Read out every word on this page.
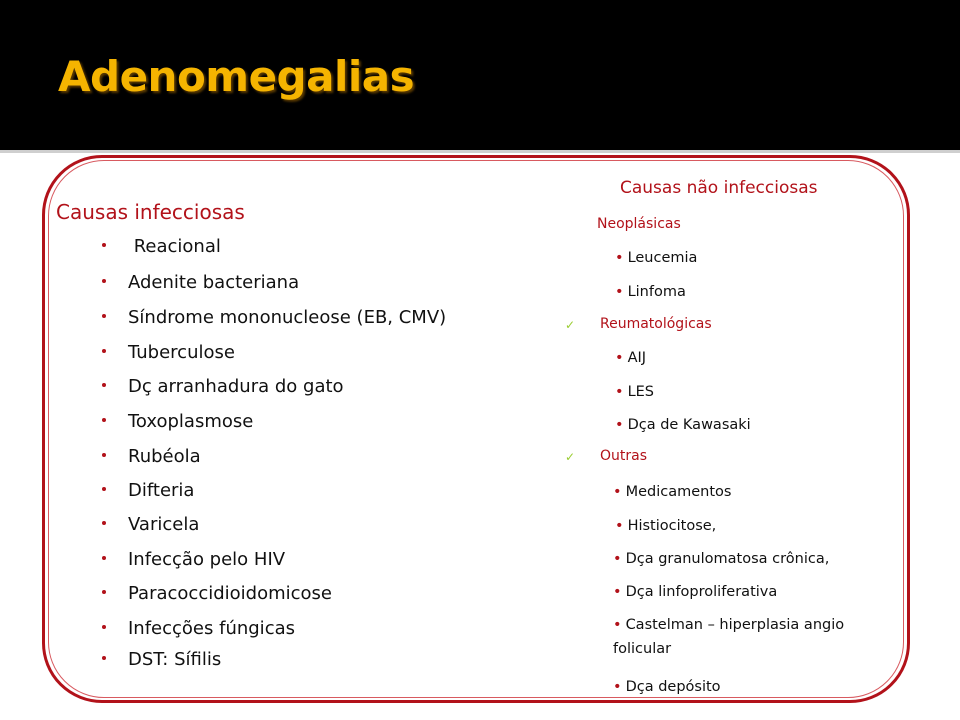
Adenomegalias
Causas infecciosas
Reacional
Adenite bacteriana
Síndrome mononucleose (EB, CMV)
Tuberculose
Dç arranhadura do gato
Toxoplasmose
Rubéola
Difteria
Varicela
Infecção pelo HIV
Paracoccidioidomicose
Infecções fúngicas
DST: Sífilis
Causas não infecciosas
Neoplásicas
• Leucemia
• Linfoma
✓ Reumatológicas
• AIJ
• LES
• Dça de Kawasaki
✓ Outras
• Medicamentos
• Histiocitose,
• Dça granulomatosa crônica,
• Dça linfoproliferativa
• Castelman – hiperplasia angio folicular
• Dça depósito
